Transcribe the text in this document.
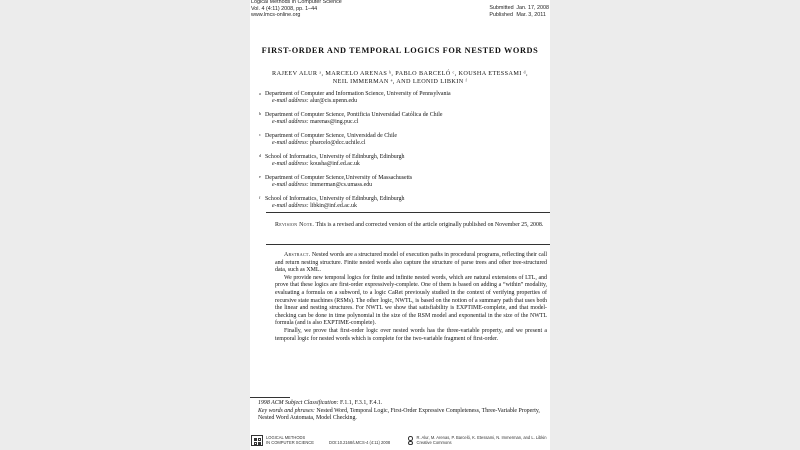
Logical Methods in Computer Science
Vol. 4 (4:11) 2008, pp. 1–44
www.lmcs-online.org
Submitted Jan. 17, 2008
Published Mar. 3, 2011
FIRST-ORDER AND TEMPORAL LOGICS FOR NESTED WORDS
RAJEEV ALUR ᵃ, MARCELO ARENAS ᵇ, PABLO BARCELÓ ᶜ, KOUSHA ETESSAMI ᵈ,
NEIL IMMERMAN ᵉ, AND LEONID LIBKIN ᶠ
a Department of Computer and Information Science, University of Pennsylvania
e-mail address: alur@cis.upenn.edu
b Department of Computer Science, Pontificia Universidad Católica de Chile
e-mail address: marenas@ing.puc.cl
c Department of Computer Science, Universidad de Chile
e-mail address: pbarcelo@dcc.uchile.cl
d School of Informatics, University of Edinburgh, Edinburgh
e-mail address: kousha@inf.ed.ac.uk
e Department of Computer Science,University of Massachusetts
e-mail address: immerman@cs.umass.edu
f School of Informatics, University of Edinburgh, Edinburgh
e-mail address: libkin@inf.ed.ac.uk
Revision Note. This is a revised and corrected version of the article originally published on November 25, 2008.

Abstract. Nested words are a structured model of execution paths in procedural programs, reflecting their call and return nesting structure. Finite nested words also capture the structure of parse trees and other tree-structured data, such as XML.

We provide new temporal logics for finite and infinite nested words, which are natural extensions of LTL, and prove that these logics are first-order expressively-complete. One of them is based on adding a “within” modality, evaluating a formula on a subword, to a logic CaRet previously studied in the context of verifying properties of recursive state machines (RSMs). The other logic, NWTL, is based on the notion of a summary path that uses both the linear and nesting structures. For NWTL we show that satisfiability is EXPTIME-complete, and that model-checking can be done in time polynomial in the size of the RSM model and exponential in the size of the NWTL formula (and is also EXPTIME-complete).

Finally, we prove that first-order logic over nested words has the three-variable property, and we present a temporal logic for nested words which is complete for the two-variable fragment of first-order.

1998 ACM Subject Classification: F.1.1, F.3.1, F.4.1.
Key words and phrases: Nested Word, Temporal Logic, First-Order Expressive Completeness, Three-Variable Property, Nested Word Automata, Model Checking.
LOGICAL METHODS
IN COMPUTER SCIENCE	DOI:10.2168/LMCS-4 (4:11) 2008
R. Alur, M. Arenas, P. Barceló, K. Etessami, N. Immerman, and L. Libkin
Creative Commons
